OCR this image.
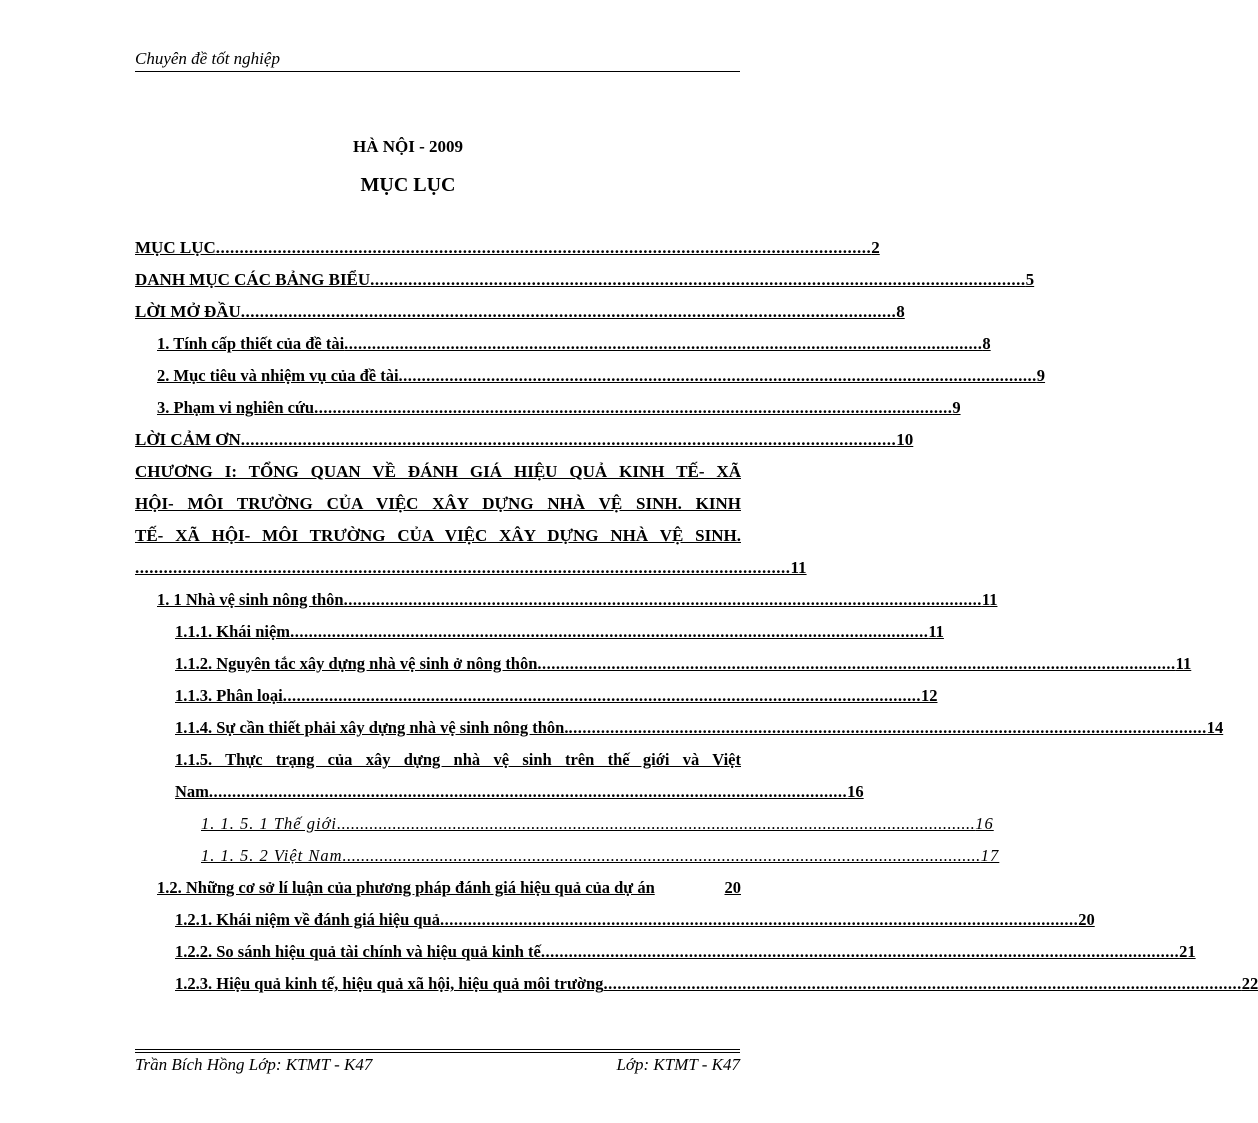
Chuyên đề tốt nghiệp
HÀ NỘI - 2009
MỤC LỤC
MỤC LỤC .......................................................................................................................................... 2
DANH MỤC CÁC BẢNG BIỂU .......................................................................................................................................... 5
LỜI MỞ ĐẦU .......................................................................................................................................... 8
1. Tính cấp thiết của đề tài .......................................................................................................................................... 8
2. Mục tiêu và nhiệm vụ của đề tài .......................................................................................................................................... 9
3. Phạm vi nghiên cứu .......................................................................................................................................... 9
LỜI CẢM ƠN .......................................................................................................................................... 10
CHƯƠNG I: TỔNG QUAN VỀ ĐÁNH GIÁ HIỆU QUẢ KINH TẾ- XÃ
HỘI- MÔI TRƯỜNG CỦA VIỆC XÂY DỰNG NHÀ VỆ SINH. KINH
TẾ- XÃ HỘI- MÔI TRƯỜNG CỦA VIỆC XÂY DỰNG NHÀ VỆ SINH.
.......................................................................................................................................... 11
1. 1 Nhà vệ sinh nông thôn .......................................................................................................................................... 11
1.1.1. Khái niệm .......................................................................................................................................... 11
1.1.2. Nguyên tắc xây dựng nhà vệ sinh ở nông thôn .......................................................................................................................................... 11
1.1.3. Phân loại .......................................................................................................................................... 12
1.1.4. Sự cần thiết phải xây dựng nhà vệ sinh nông thôn. .......................................................................................................................................... 14
1.1.5. Thực trạng của xây dựng nhà vệ sinh trên thế giới và Việt
Nam .......................................................................................................................................... 16
1. 1. 5. 1 Thế giới .......................................................................................................................................... 16
1. 1. 5. 2 Việt Nam .......................................................................................................................................... 17
1.2. Những cơ sở lí luận của phương pháp đánh giá hiệu quả của dự án	20
1.2.1. Khái niệm về đánh giá hiệu quả .......................................................................................................................................... 20
1.2.2. So sánh hiệu quả tài chính và hiệu quả kinh tế .......................................................................................................................................... 21
1.2.3. Hiệu quả kinh tế, hiệu quả xã hội, hiệu quả môi trường .......................................................................................................................................... 22
Trần Bích Hồng Lớp: KTMT - K47	Lớp: KTMT - K47
